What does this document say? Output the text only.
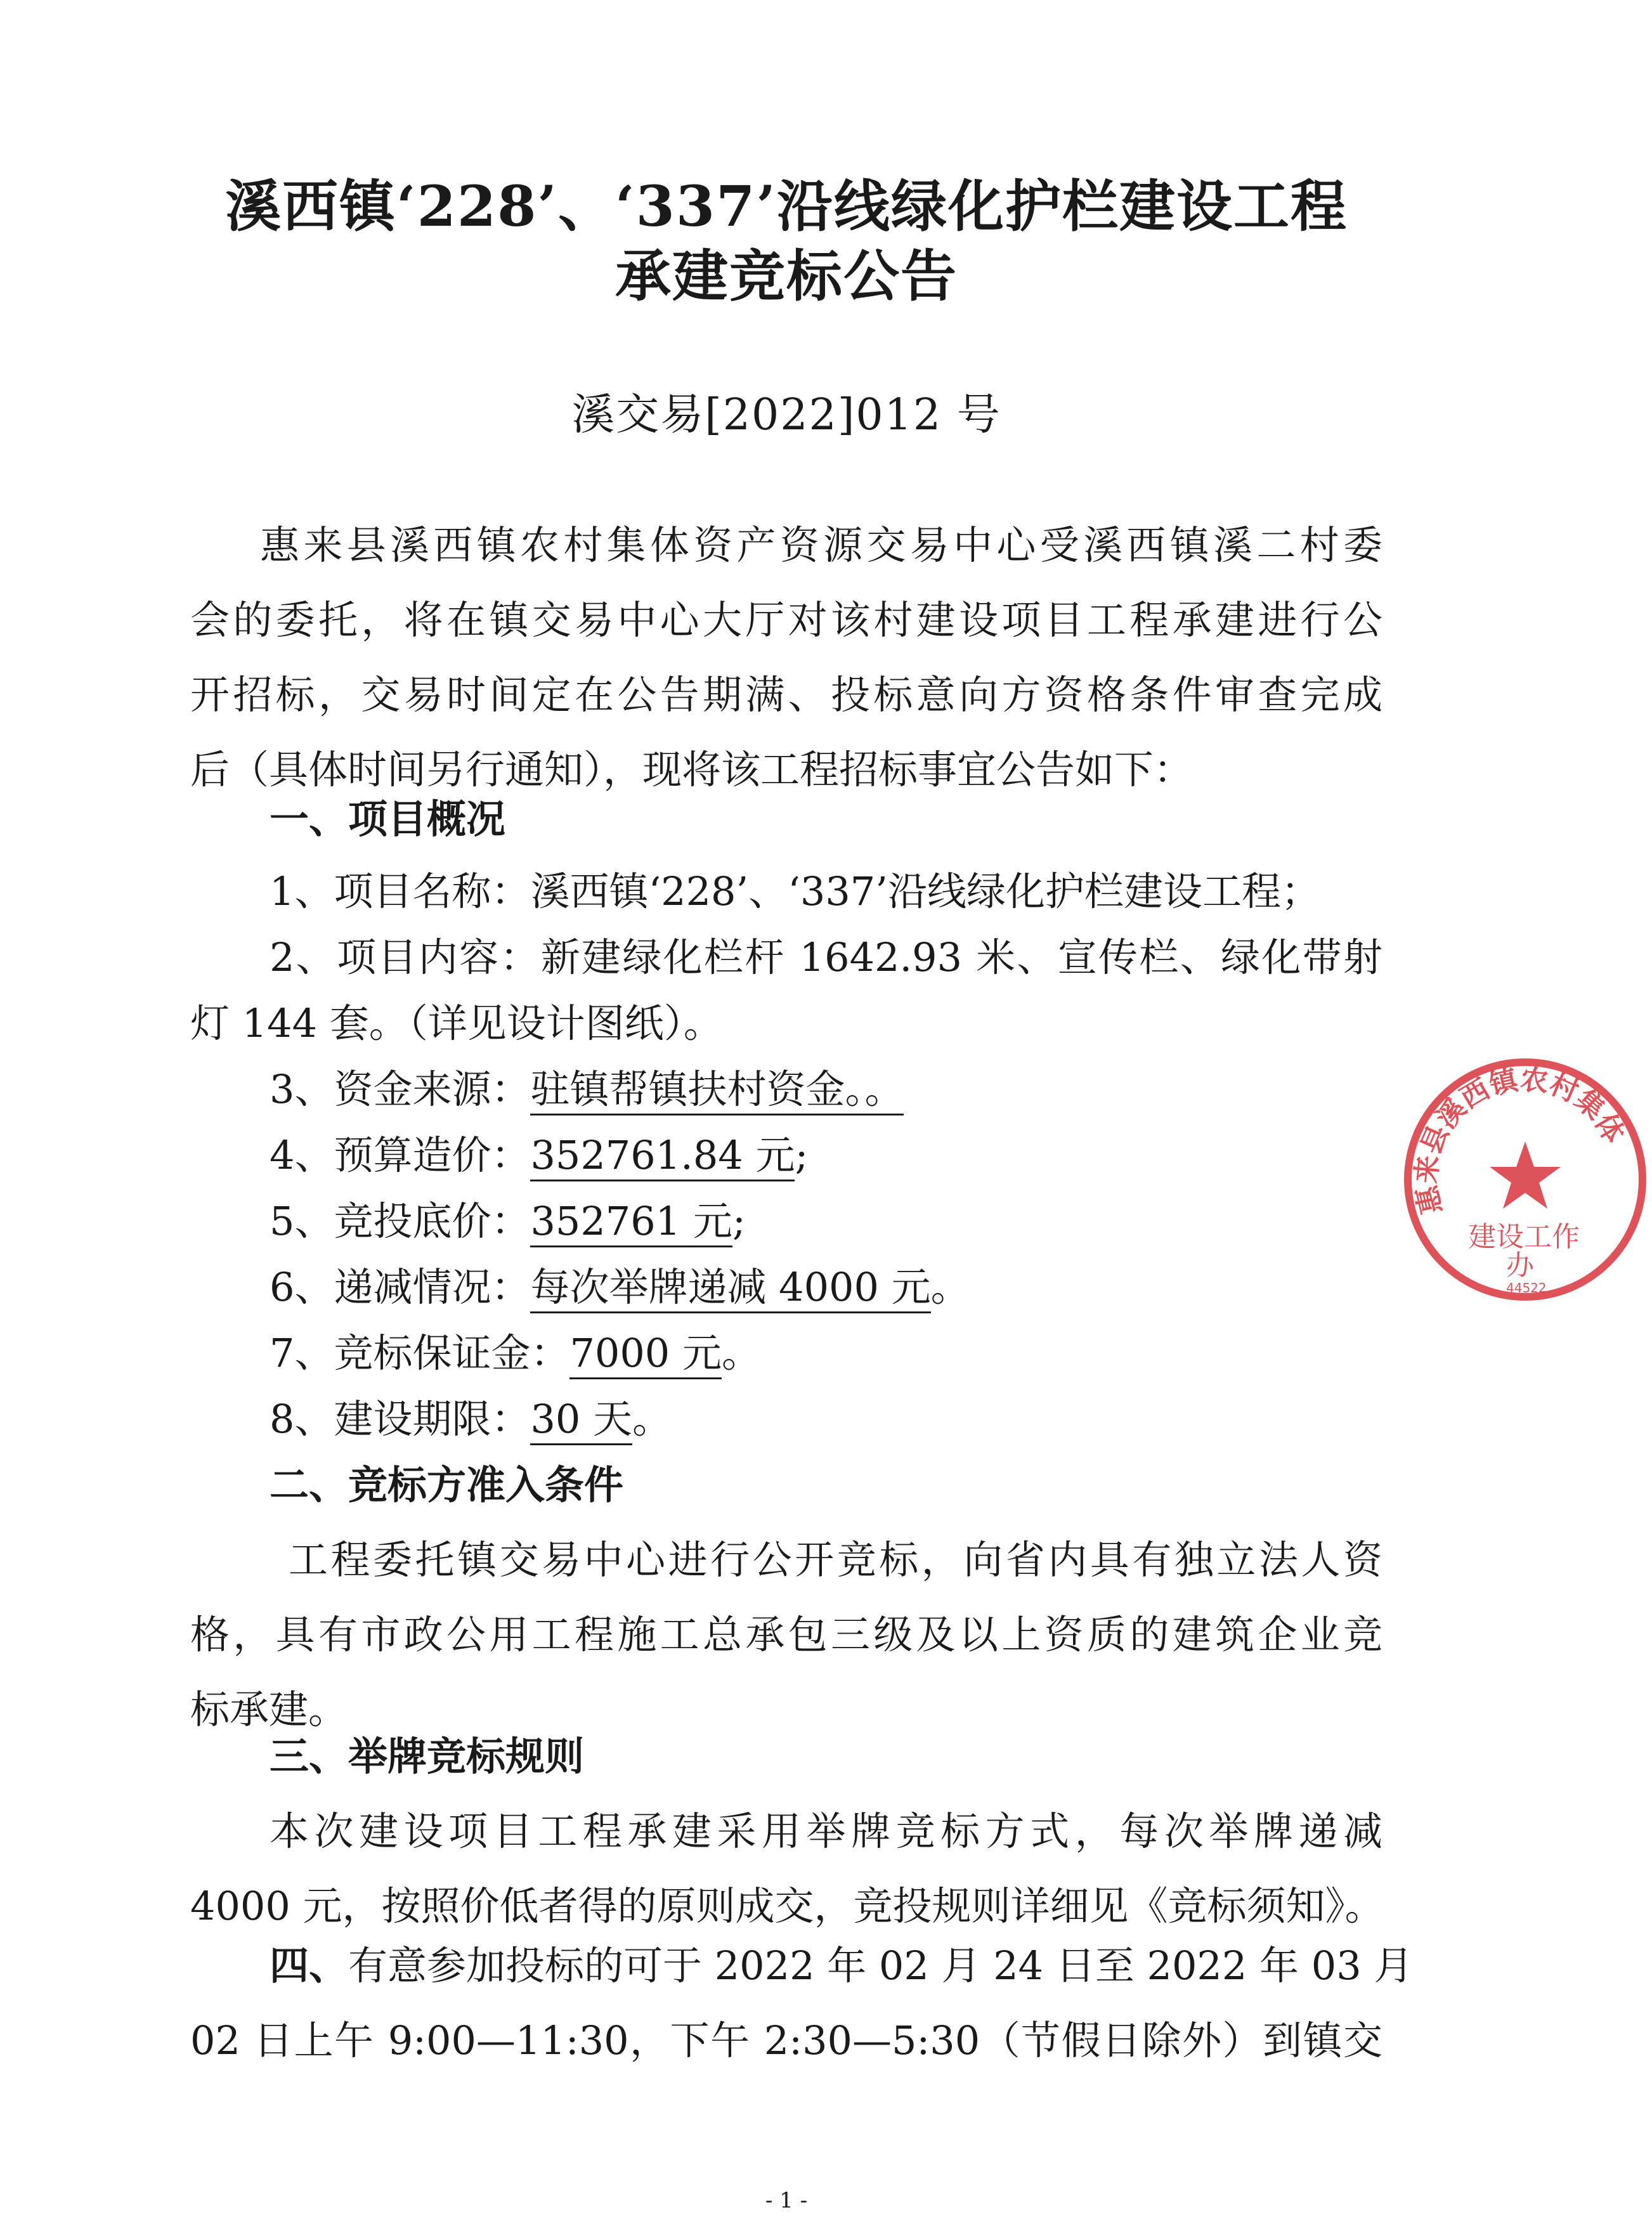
溪西镇‘228’、‘337’沿线绿化护栏建设工程
承建竞标公告
溪交易[2022]012 号
惠来县溪西镇农村集体资产资源交易中心受溪西镇溪二村委
会的委托，将在镇交易中心大厅对该村建设项目工程承建进行公
开招标，交易时间定在公告期满、投标意向方资格条件审查完成
后（具体时间另行通知），现将该工程招标事宜公告如下：
一、项目概况
1、项目名称：溪西镇‘228’、‘337’沿线绿化护栏建设工程；
2、项目内容：新建绿化栏杆 1642.93 米、宣传栏、绿化带射
灯 144 套。（详见设计图纸）。
3、资金来源：驻镇帮镇扶村资金。。
4、预算造价：352761.84 元;
5、竞投底价：352761 元;
6、递减情况：每次举牌递减 4000 元。
7、竞标保证金：7000 元。
8、建设期限：30 天。
二、竞标方准入条件
工程委托镇交易中心进行公开竞标，向省内具有独立法人资
格，具有市政公用工程施工总承包三级及以上资质的建筑企业竞
标承建。
三、举牌竞标规则
本次建设项目工程承建采用举牌竞标方式，每次举牌递减
4000 元，按照价低者得的原则成交，竞投规则详细见《竞标须知》。
四、有意参加投标的可于 2022 年 02 月 24 日至 2022 年 03 月
02 日上午 9:00—11:30，下午 2:30—5:30（节假日除外）到镇交
惠来县溪西镇农村集体
建设工作
办
44522
- 1 -
